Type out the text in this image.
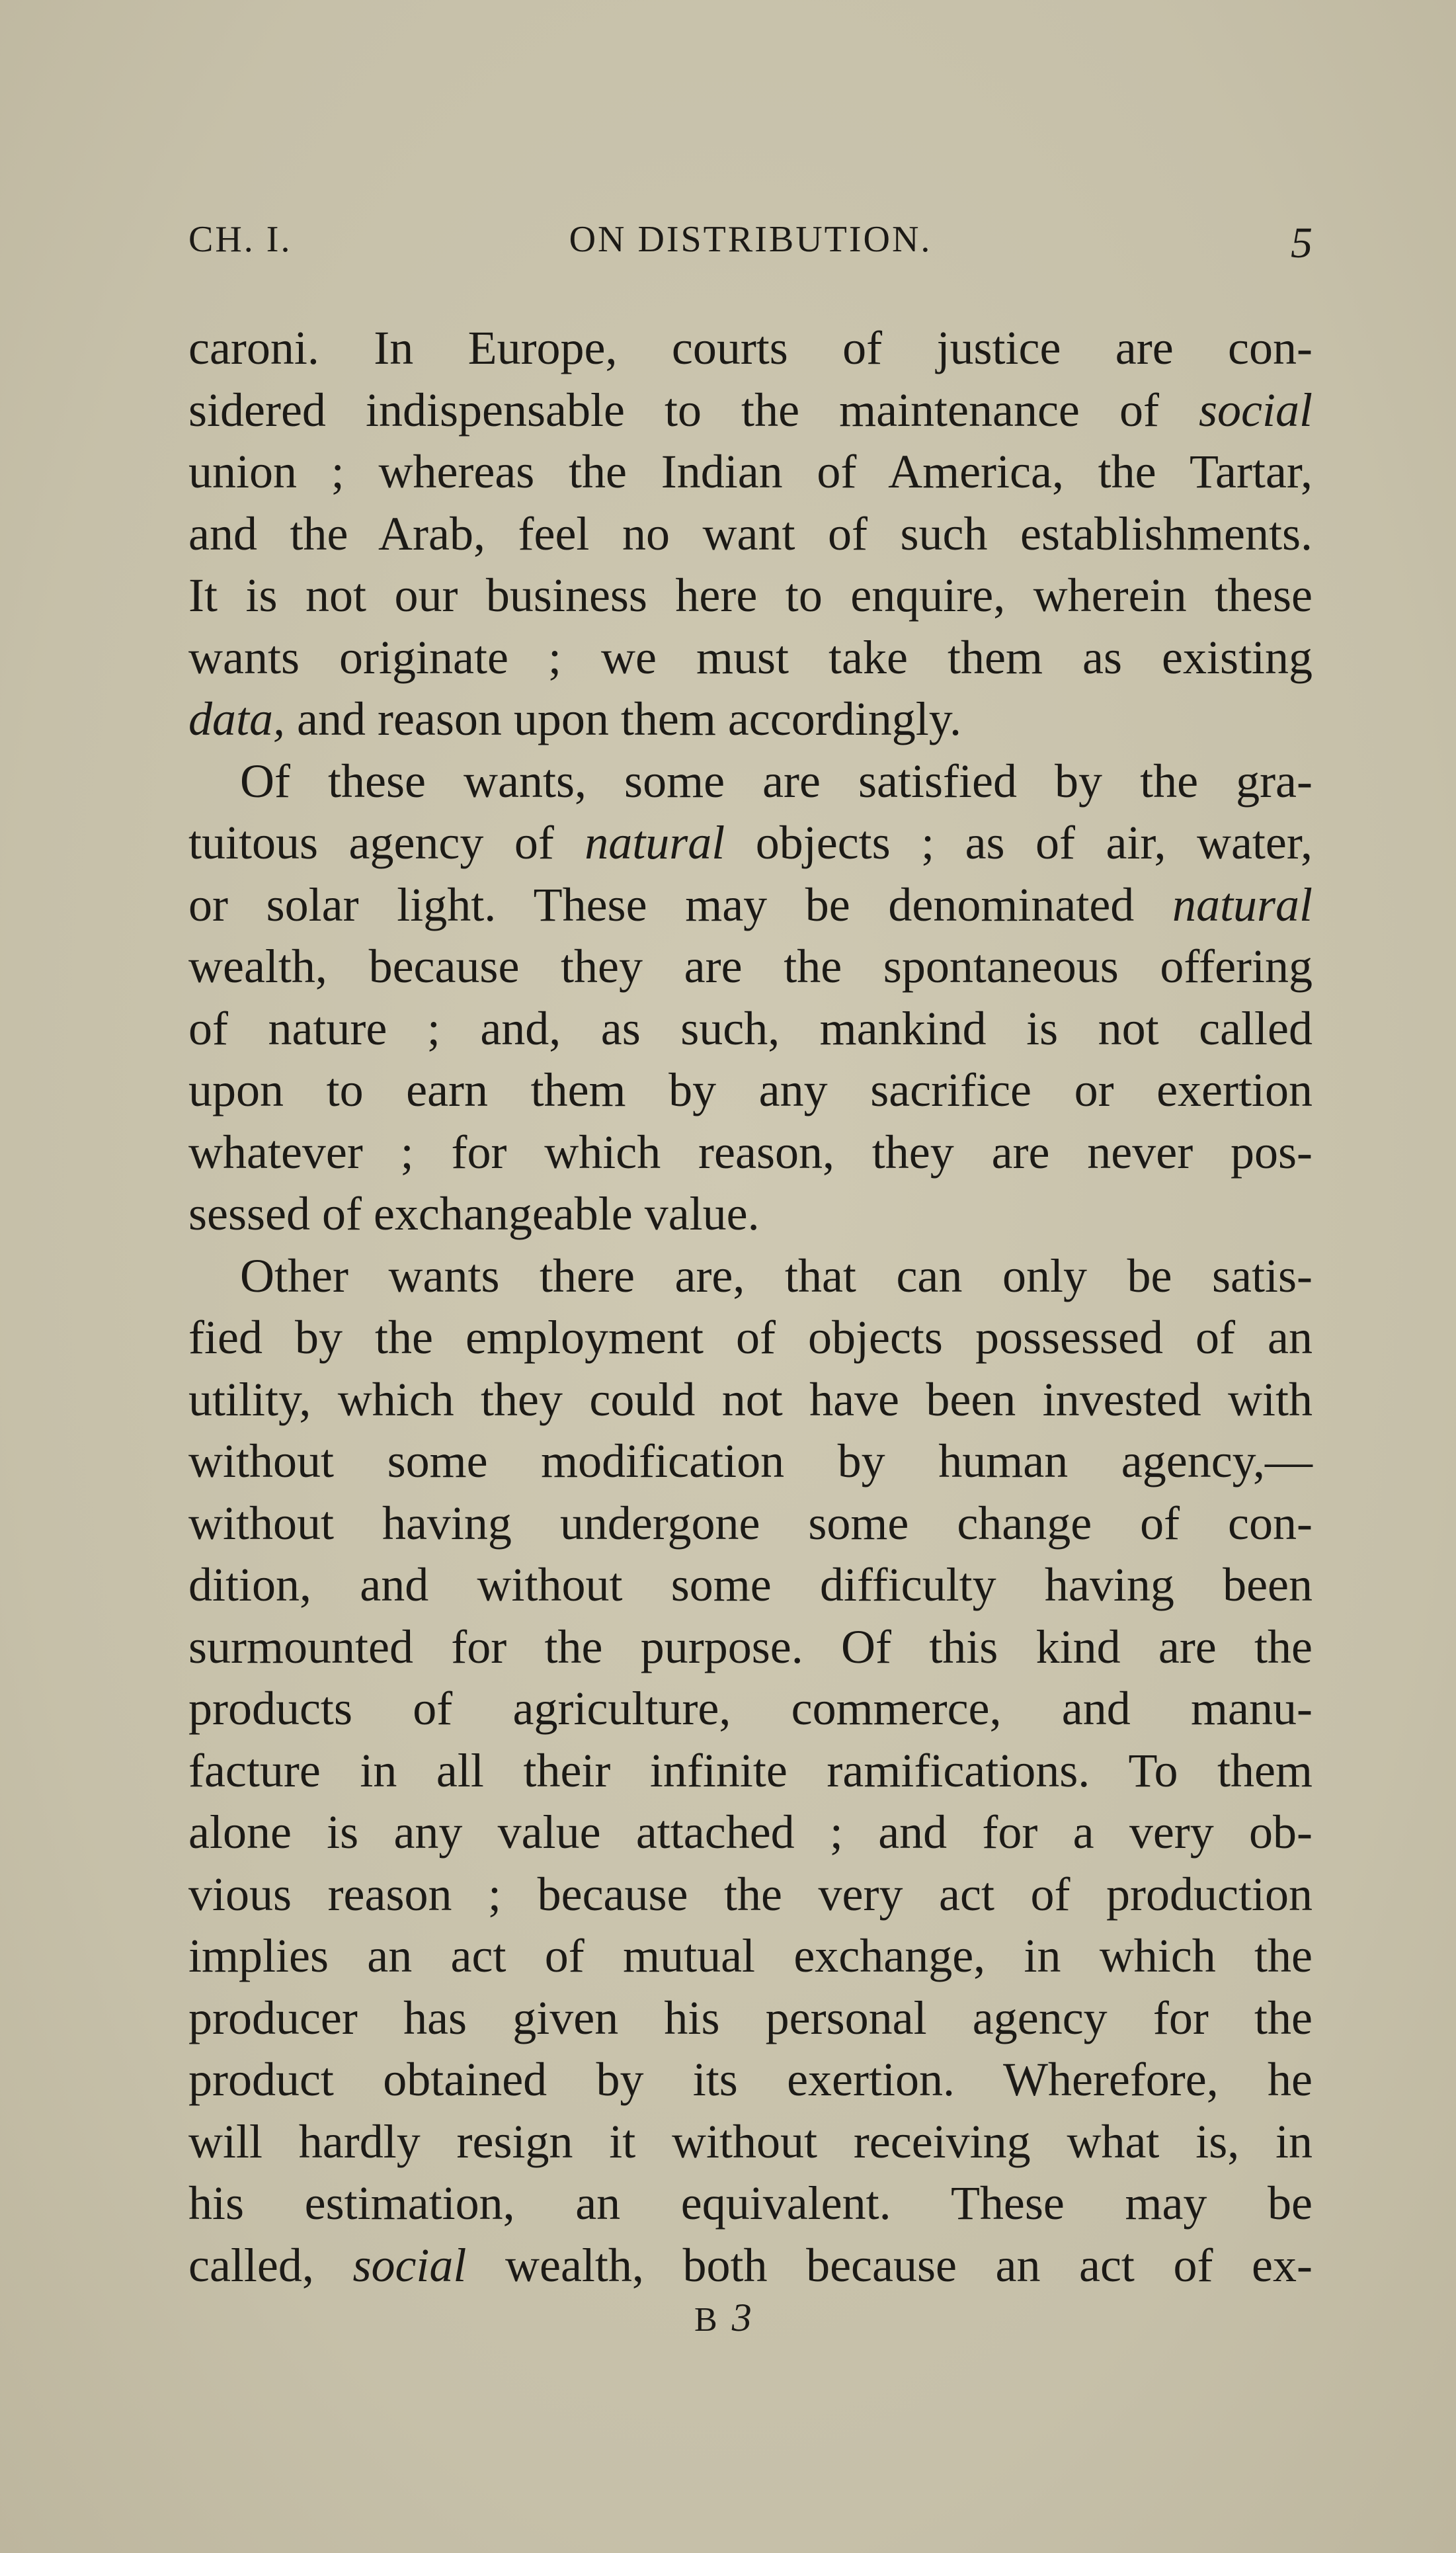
CH. I.	ON DISTRIBUTION.	5
caroni. In Europe, courts of justice are con-
sidered indispensable to the maintenance of social
union ; whereas the Indian of America, the Tartar,
and the Arab, feel no want of such establishments.
It is not our business here to enquire, wherein these
wants originate ; we must take them as existing
data, and reason upon them accordingly.
Of these wants, some are satisfied by the gra-
tuitous agency of natural objects ; as of air, water,
or solar light. These may be denominated natural
wealth, because they are the spontaneous offering
of nature ; and, as such, mankind is not called
upon to earn them by any sacrifice or exertion
whatever ; for which reason, they are never pos-
sessed of exchangeable value.
Other wants there are, that can only be satis-
fied by the employment of objects possessed of an
utility, which they could not have been invested with
without some modification by human agency,—
without having undergone some change of con-
dition, and without some difficulty having been
surmounted for the purpose. Of this kind are the
products of agriculture, commerce, and manu-
facture in all their infinite ramifications. To them
alone is any value attached ; and for a very ob-
vious reason ; because the very act of production
implies an act of mutual exchange, in which the
producer has given his personal agency for the
product obtained by its exertion. Wherefore, he
will hardly resign it without receiving what is, in
his estimation, an equivalent. These may be
called, social wealth, both because an act of ex-
B3
